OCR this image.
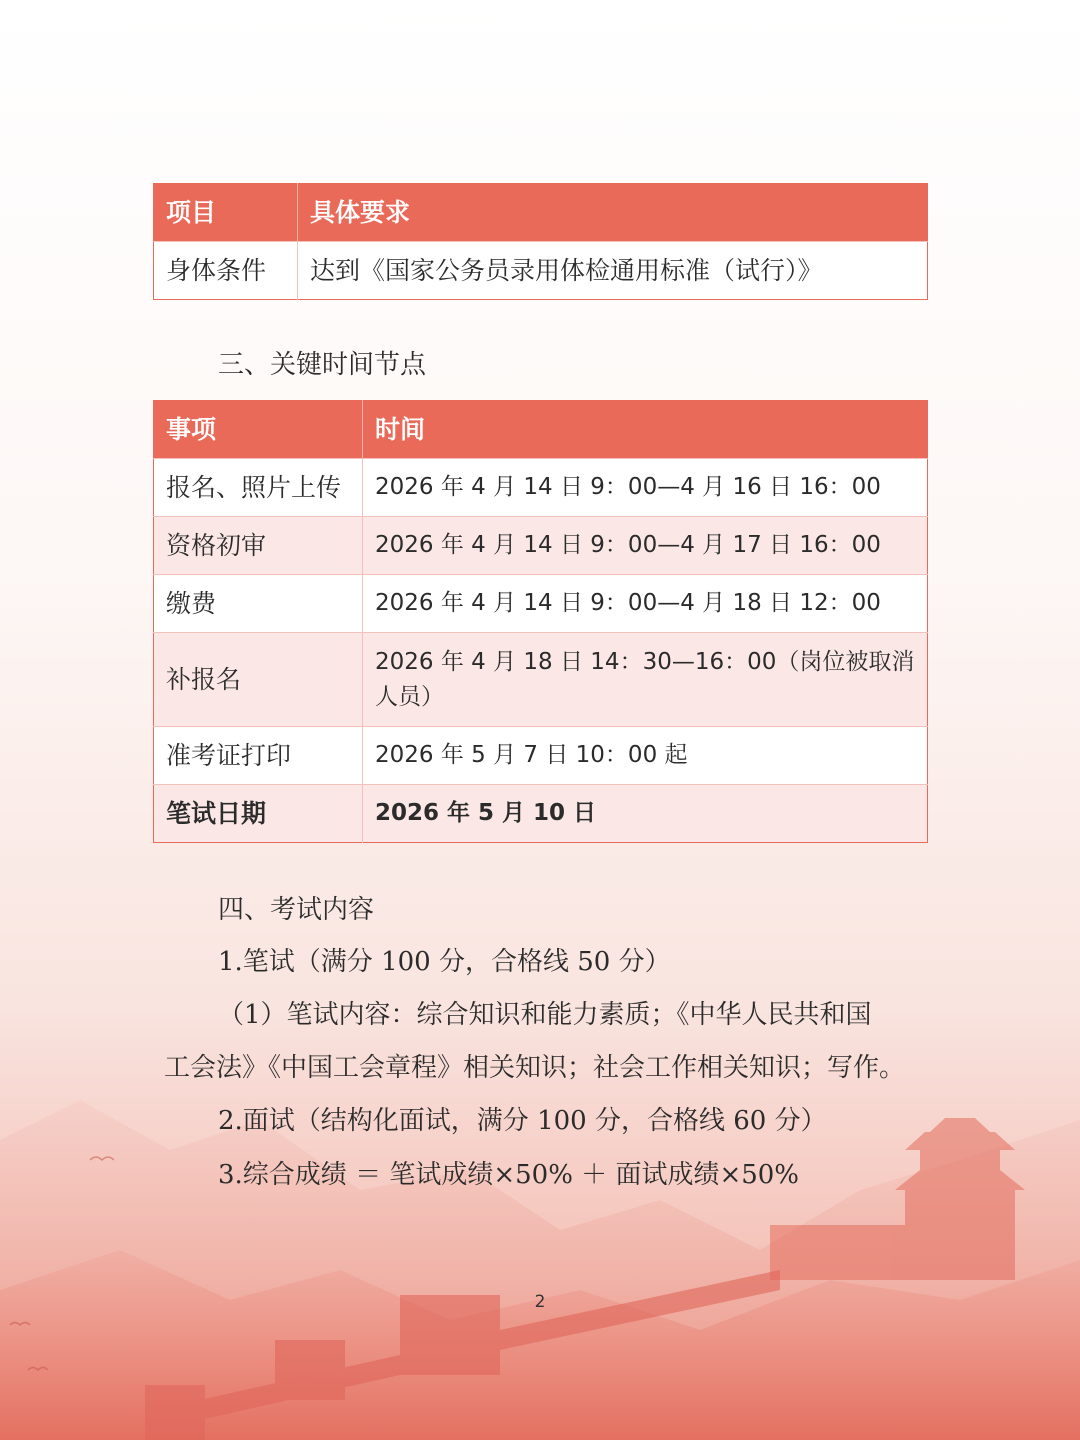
项目	具体要求
身体条件	达到《国家公务员录用体检通用标准（试行）》
三、关键时间节点
事项	时间
报名、照片上传	2026 年 4 月 14 日 9：00—4 月 16 日 16：00
资格初审	2026 年 4 月 14 日 9：00—4 月 17 日 16：00
缴费	2026 年 4 月 14 日 9：00—4 月 18 日 12：00
补报名	2026 年 4 月 18 日 14：30—16：00（岗位被取消人员）
准考证打印	2026 年 5 月 7 日 10：00 起
笔试日期	2026 年 5 月 10 日
四、考试内容
1.笔试（满分 100 分，合格线 50 分）
（1）笔试内容：综合知识和能力素质；《中华人民共和国
工会法》《中国工会章程》相关知识；社会工作相关知识；写作。
2.面试（结构化面试，满分 100 分，合格线 60 分）
3.综合成绩 ＝ 笔试成绩×50% ＋ 面试成绩×50%
2
